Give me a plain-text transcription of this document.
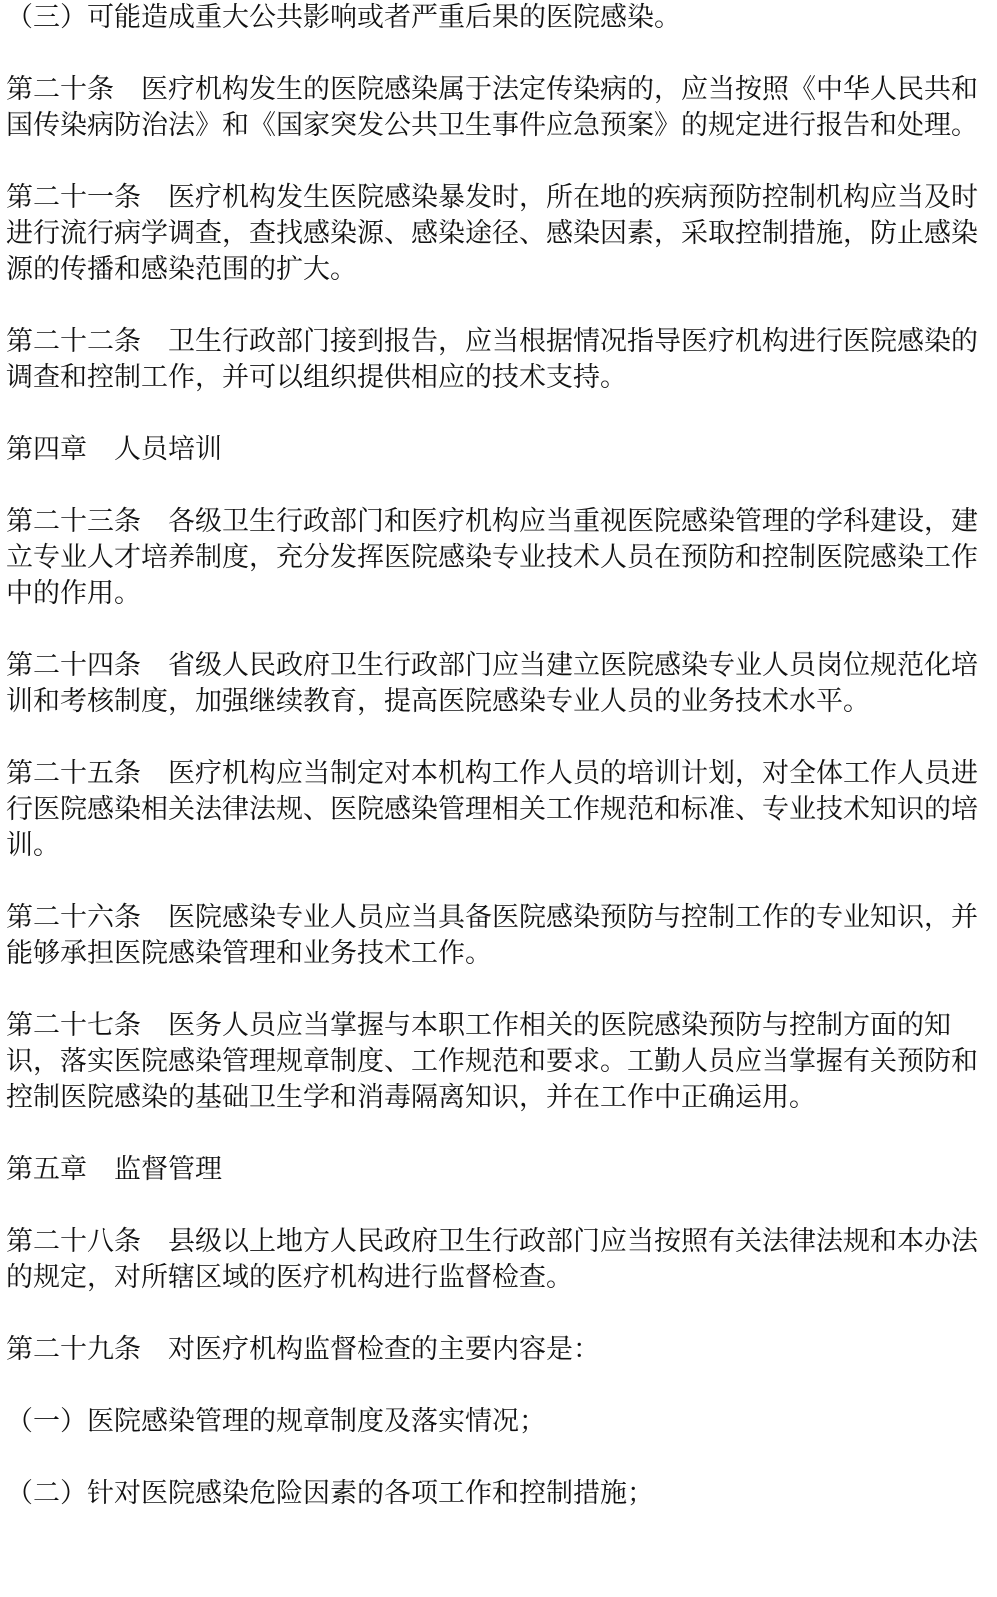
（三）可能造成重大公共影响或者严重后果的医院感染。

第二十条　医疗机构发生的医院感染属于法定传染病的，应当按照《中华人民共和国传染病防治法》和《国家突发公共卫生事件应急预案》的规定进行报告和处理。

第二十一条　医疗机构发生医院感染暴发时，所在地的疾病预防控制机构应当及时进行流行病学调查，查找感染源、感染途径、感染因素，采取控制措施，防止感染源的传播和感染范围的扩大。

第二十二条　卫生行政部门接到报告，应当根据情况指导医疗机构进行医院感染的调查和控制工作，并可以组织提供相应的技术支持。

第四章　人员培训

第二十三条　各级卫生行政部门和医疗机构应当重视医院感染管理的学科建设，建立专业人才培养制度，充分发挥医院感染专业技术人员在预防和控制医院感染工作中的作用。

第二十四条　省级人民政府卫生行政部门应当建立医院感染专业人员岗位规范化培训和考核制度，加强继续教育，提高医院感染专业人员的业务技术水平。

第二十五条　医疗机构应当制定对本机构工作人员的培训计划，对全体工作人员进行医院感染相关法律法规、医院感染管理相关工作规范和标准、专业技术知识的培训。

第二十六条　医院感染专业人员应当具备医院感染预防与控制工作的专业知识，并能够承担医院感染管理和业务技术工作。

第二十七条　医务人员应当掌握与本职工作相关的医院感染预防与控制方面的知识，落实医院感染管理规章制度、工作规范和要求。工勤人员应当掌握有关预防和控制医院感染的基础卫生学和消毒隔离知识，并在工作中正确运用。

第五章　监督管理

第二十八条　县级以上地方人民政府卫生行政部门应当按照有关法律法规和本办法的规定，对所辖区域的医疗机构进行监督检查。

第二十九条　对医疗机构监督检查的主要内容是：

（一）医院感染管理的规章制度及落实情况；

（二）针对医院感染危险因素的各项工作和控制措施；
